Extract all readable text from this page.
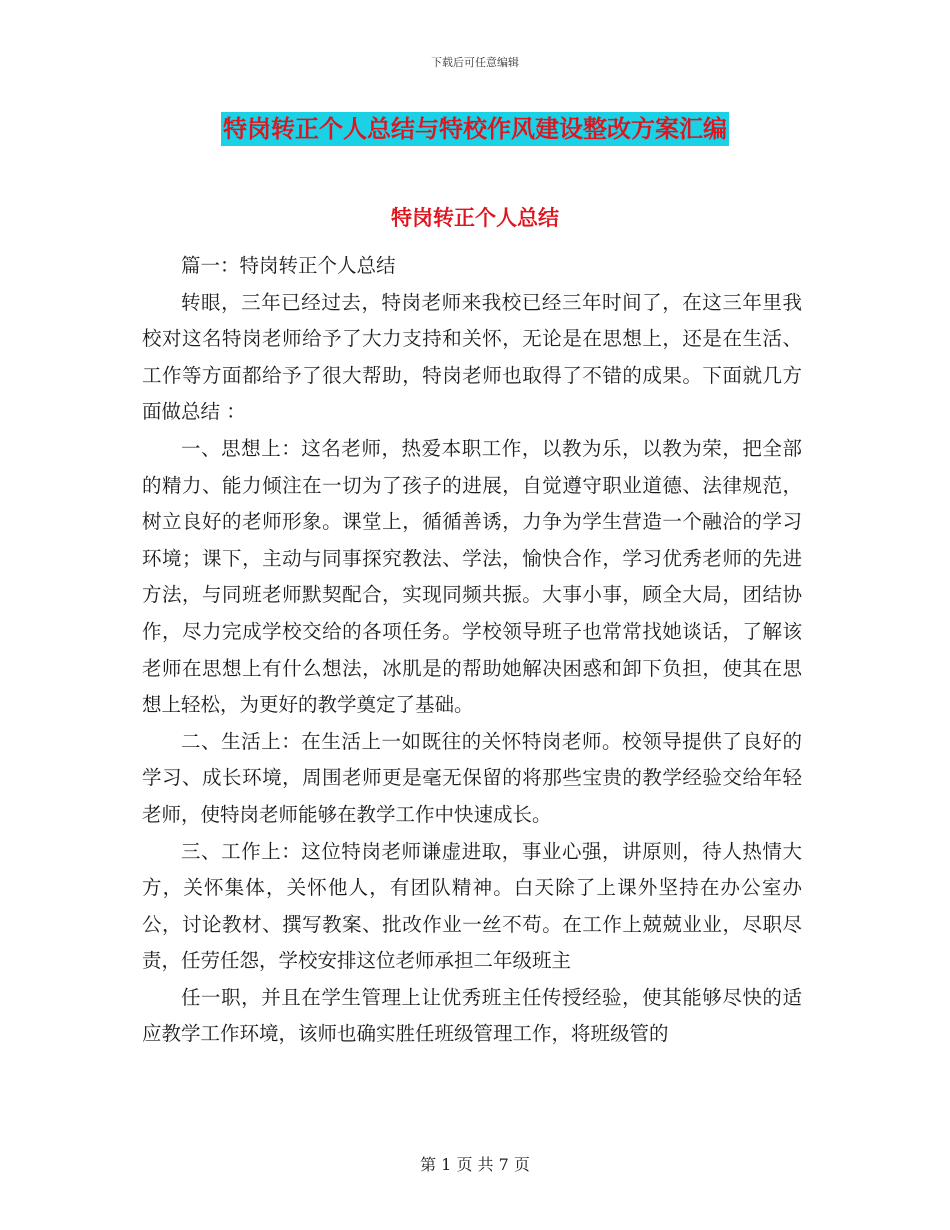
下载后可任意编辑
特岗转正个人总结与特校作风建设整改方案汇编
特岗转正个人总结

篇一：特岗转正个人总结

转眼，三年已经过去，特岗老师来我校已经三年时间了，在这三年里我校对这名特岗老师给予了大力支持和关怀，无论是在思想上，还是在生活、工作等方面都给予了很大帮助，特岗老师也取得了不错的成果。下面就几方面做总结 ：

一、思想上：这名老师，热爱本职工作，以教为乐，以教为荣，把全部的精力、能力倾注在一切为了孩子的进展，自觉遵守职业道德、法律规范，树立良好的老师形象。课堂上，循循善诱，力争为学生营造一个融洽的学习环境；课下，主动与同事探究教法、学法，愉快合作，学习优秀老师的先进方法，与同班老师默契配合，实现同频共振。大事小事，顾全大局，团结协作，尽力完成学校交给的各项任务。学校领导班子也常常找她谈话，了解该老师在思想上有什么想法，冰肌是的帮助她解决困惑和卸下负担，使其在思想上轻松，为更好的教学奠定了基础。

二、生活上：在生活上一如既往的关怀特岗老师。校领导提供了良好的学习、成长环境，周围老师更是毫无保留的将那些宝贵的教学经验交给年轻老师，使特岗老师能够在教学工作中快速成长。

三、工作上：这位特岗老师谦虚进取，事业心强，讲原则，待人热情大方，关怀集体，关怀他人，有团队精神。白天除了上课外坚持在办公室办公，讨论教材、撰写教案、批改作业一丝不苟。在工作上兢兢业业，尽职尽责，任劳任怨，学校安排这位老师承担二年级班主

任一职，并且在学生管理上让优秀班主任传授经验，使其能够尽快的适应教学工作环境，该师也确实胜任班级管理工作，将班级管的

第 1 页 共 7 页
